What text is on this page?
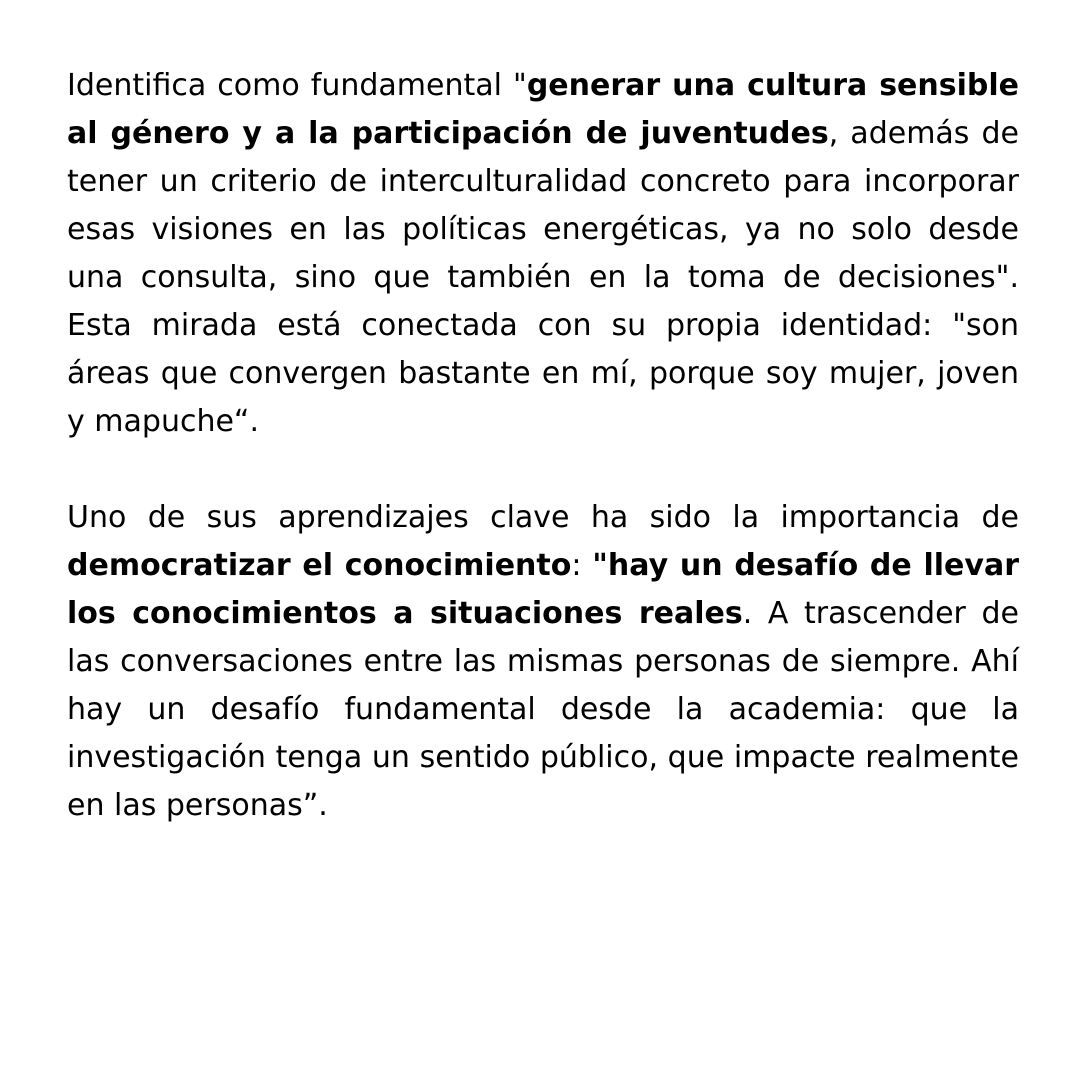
Identifica como fundamental "generar una cultura sensible al género y a la participación de juventudes, además de tener un criterio de interculturalidad concreto para incorporar esas visiones en las políticas energéticas, ya no solo desde una consulta, sino que también en la toma de decisiones". Esta mirada está conectada con su propia identidad: "son áreas que convergen bastante en mí, porque soy mujer, joven y mapuche“.

Uno de sus aprendizajes clave ha sido la importancia de democratizar el conocimiento: "hay un desafío de llevar los conocimientos a situaciones reales. A trascender de las conversaciones entre las mismas personas de siempre. Ahí hay un desafío fundamental desde la academia: que la investigación tenga un sentido público, que impacte realmente en las personas”.
